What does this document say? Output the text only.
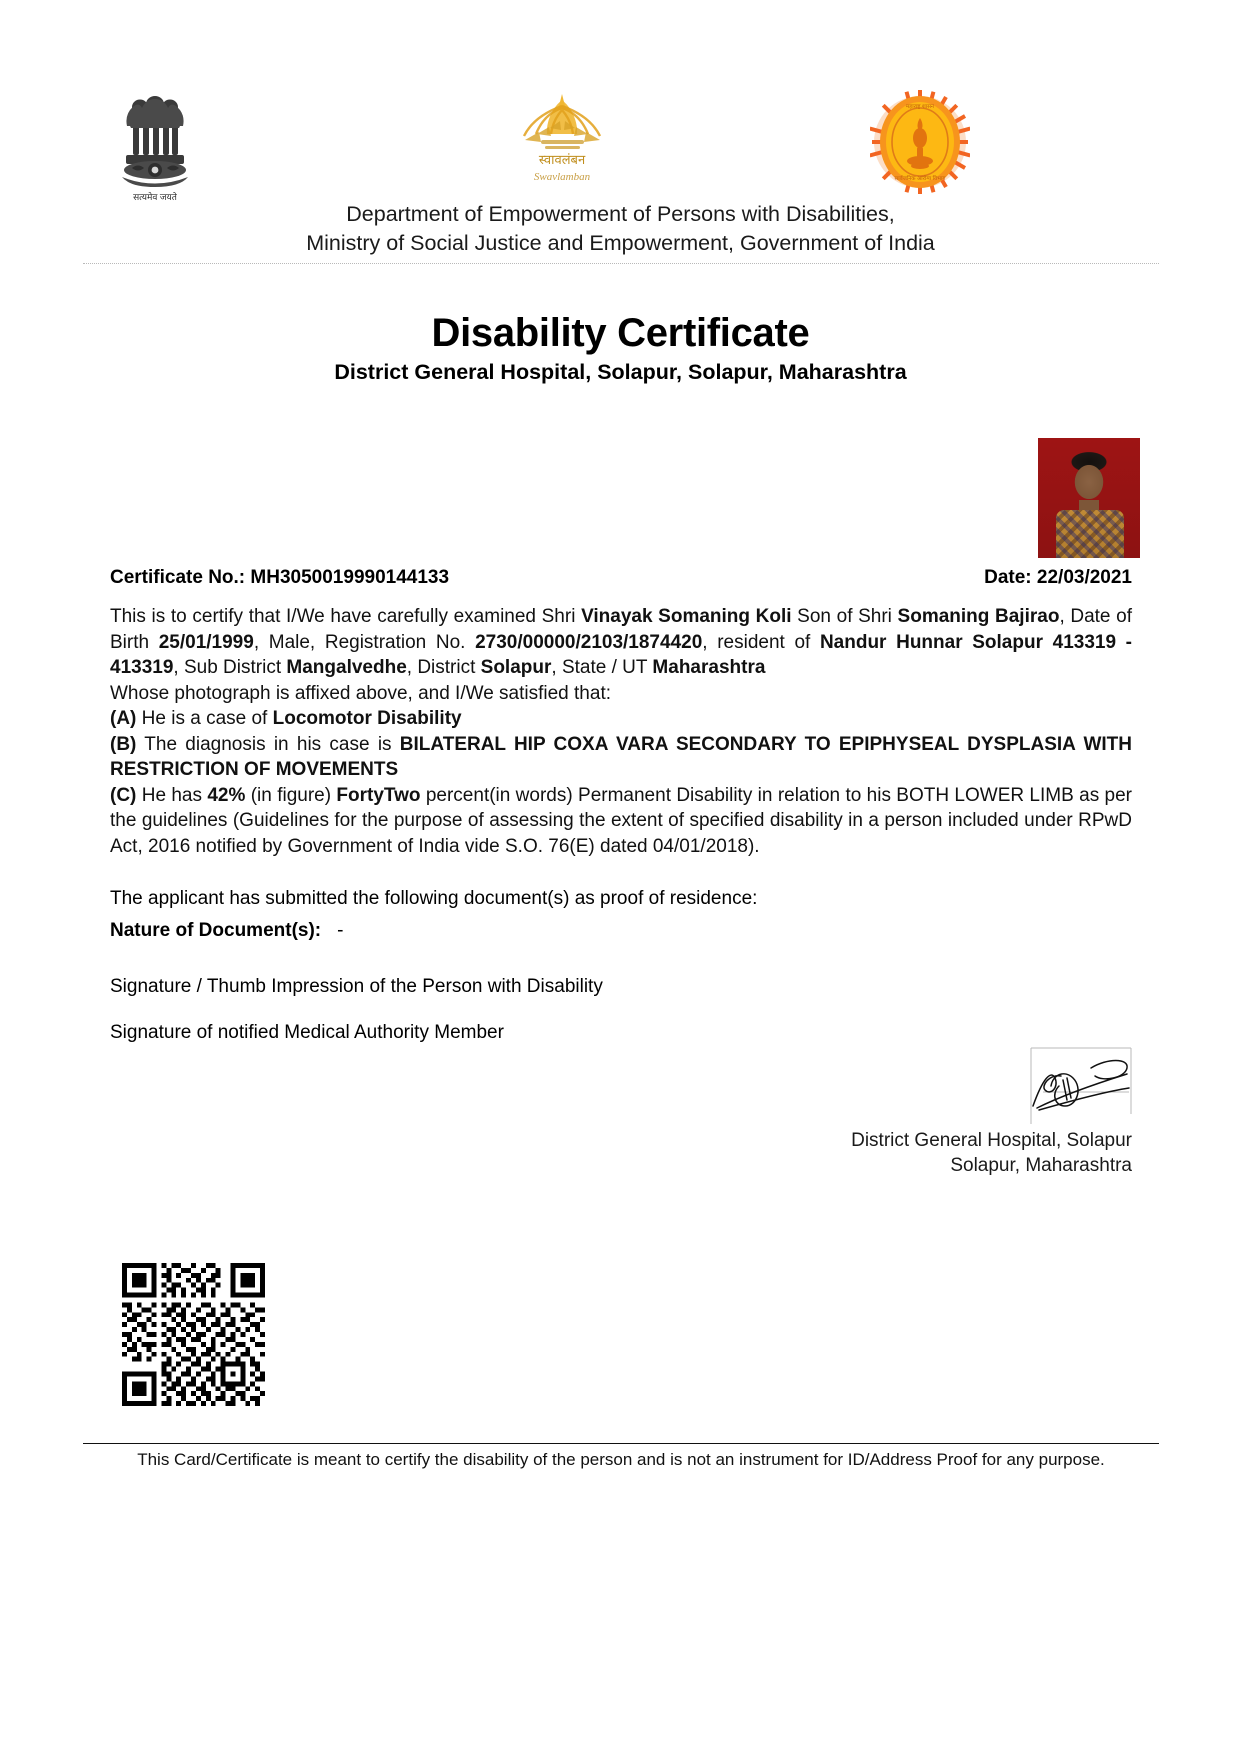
सत्यमेव जयते
स्वावलंबन
Swavlamban
महाराष्ट्र शासन
सार्वजनिक आरोग्य विभाग
Department of Empowerment of Persons with Disabilities,
Ministry of Social Justice and Empowerment, Government of India
Disability Certificate
District General Hospital, Solapur, Solapur, Maharashtra
Certificate No.: MH3050019990144133	Date: 22/03/2021

This is to certify that I/We have carefully examined Shri Vinayak Somaning Koli Son of Shri Somaning Bajirao, Date of Birth 25/01/1999, Male, Registration No. 2730/00000/2103/1874420, resident of Nandur Hunnar Solapur 413319 - 413319, Sub District Mangalvedhe, District Solapur, State / UT Maharashtra

Whose photograph is affixed above, and I/We satisfied that:

(A) He is a case of Locomotor Disability

(B) The diagnosis in his case is BILATERAL HIP COXA VARA SECONDARY TO EPIPHYSEAL DYSPLASIA WITH RESTRICTION OF MOVEMENTS

(C) He has 42% (in figure) FortyTwo percent(in words) Permanent Disability in relation to his BOTH LOWER LIMB as per the guidelines (Guidelines for the purpose of assessing the extent of specified disability in a person included under RPwD Act, 2016 notified by Government of India vide S.O. 76(E) dated 04/01/2018).

The applicant has submitted the following document(s) as proof of residence:
Nature of Document(s): -
Signature / Thumb Impression of the Person with Disability
Signature of notified Medical Authority Member
District General Hospital, Solapur
Solapur, Maharashtra
This Card/Certificate is meant to certify the disability of the person and is not an instrument for ID/Address Proof for any purpose.
